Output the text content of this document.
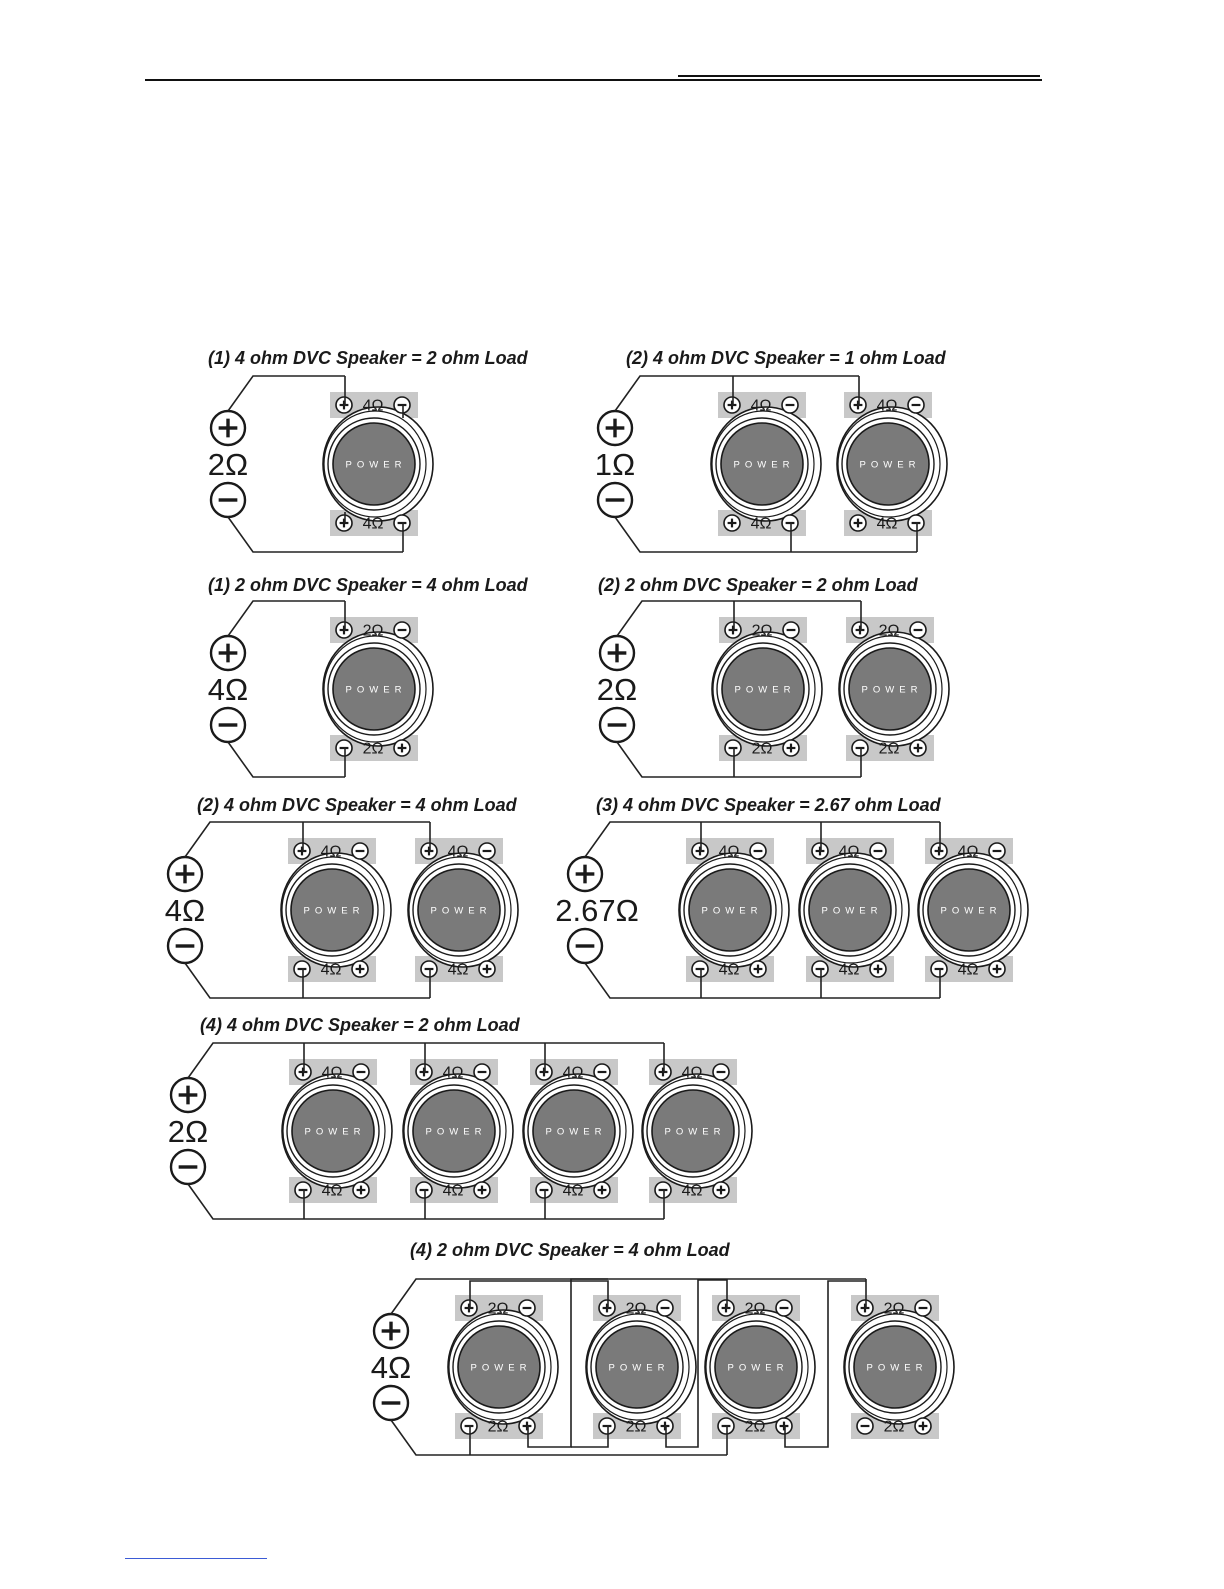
(1) 4 ohm DVC Speaker = 2 ohm Load
2Ω	POWER
4Ω
4Ω
(2) 4 ohm DVC Speaker = 1 ohm Load
1Ω	POWER
4Ω
4Ω
POWER
4Ω
4Ω
(1) 2 ohm DVC Speaker = 4 ohm Load
4Ω	POWER
2Ω
2Ω
(2) 2 ohm DVC Speaker = 2 ohm Load
2Ω	POWER
2Ω
2Ω
POWER
2Ω
2Ω
(2) 4 ohm DVC Speaker = 4 ohm Load
4Ω	POWER
4Ω
4Ω
POWER
4Ω
4Ω
(3) 4 ohm DVC Speaker = 2.67 ohm Load
2.67Ω	POWER
4Ω
4Ω
POWER
4Ω
4Ω
POWER
4Ω
4Ω
(4) 4 ohm DVC Speaker = 2 ohm Load
2Ω	POWER
4Ω
4Ω
POWER
4Ω
4Ω
POWER
4Ω
4Ω
POWER
4Ω
4Ω
(4) 2 ohm DVC Speaker = 4 ohm Load
4Ω	POWER
2Ω
2Ω
POWER
2Ω
2Ω
POWER
2Ω
2Ω
POWER
2Ω
2Ω
